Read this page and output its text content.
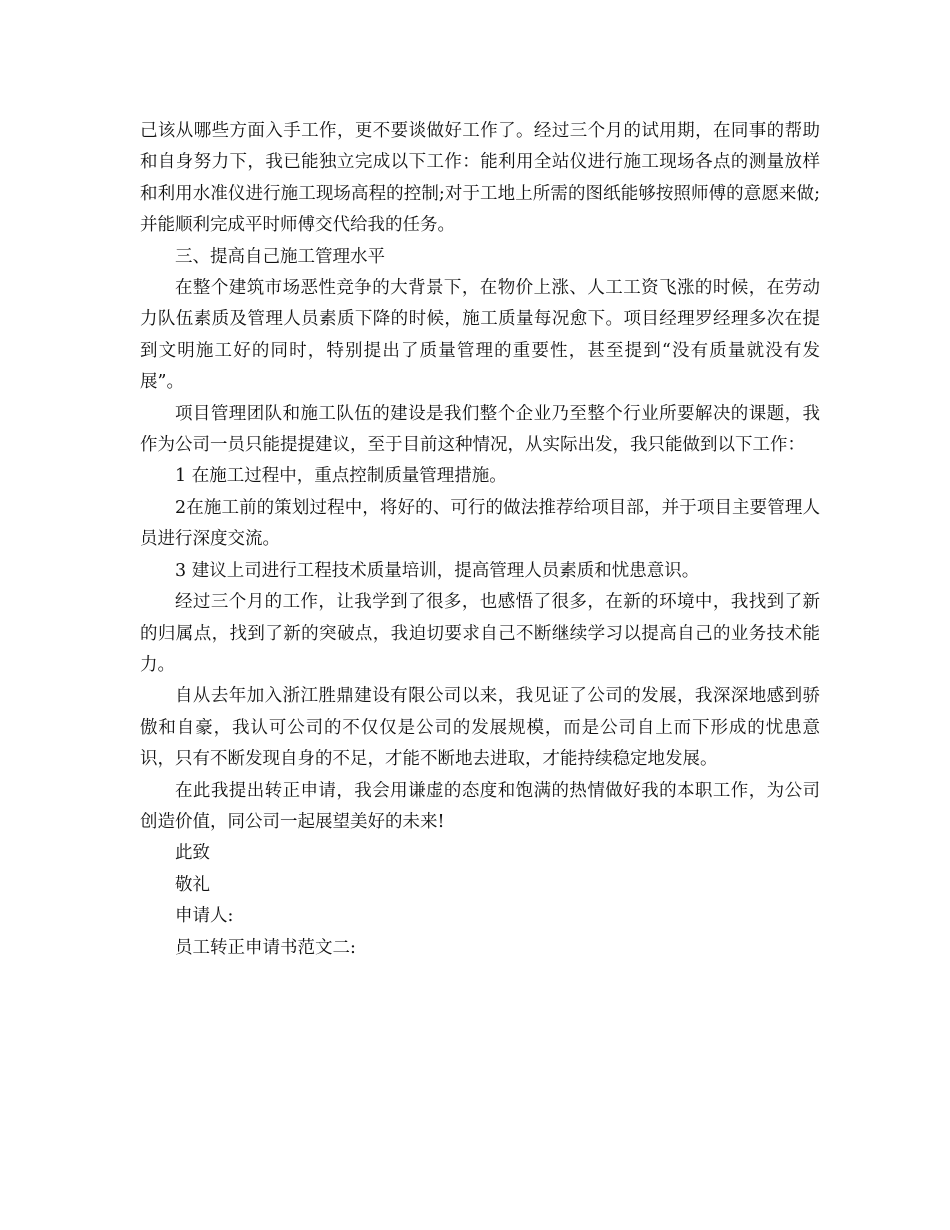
己该从哪些方面入手工作，更不要谈做好工作了。经过三个月的试用期，在同事的帮助和自身努力下，我已能独立完成以下工作：能利用全站仪进行施工现场各点的测量放样和利用水准仪进行施工现场高程的控制;对于工地上所需的图纸能够按照师傅的意愿来做;并能顺利完成平时师傅交代给我的任务。

三、提高自己施工管理水平

在整个建筑市场恶性竞争的大背景下，在物价上涨、人工工资飞涨的时候，在劳动力队伍素质及管理人员素质下降的时候，施工质量每况愈下。项目经理罗经理多次在提到文明施工好的同时，特别提出了质量管理的重要性，甚至提到“没有质量就没有发展”。

项目管理团队和施工队伍的建设是我们整个企业乃至整个行业所要解决的课题，我作为公司一员只能提提建议，至于目前这种情况，从实际出发，我只能做到以下工作：

1 在施工过程中，重点控制质量管理措施。

2在施工前的策划过程中，将好的、可行的做法推荐给项目部，并于项目主要管理人员进行深度交流。

3 建议上司进行工程技术质量培训，提高管理人员素质和忧患意识。

经过三个月的工作，让我学到了很多，也感悟了很多，在新的环境中，我找到了新的归属点，找到了新的突破点，我迫切要求自己不断继续学习以提高自己的业务技术能力。

自从去年加入浙江胜鼎建设有限公司以来，我见证了公司的发展，我深深地感到骄傲和自豪，我认可公司的不仅仅是公司的发展规模，而是公司自上而下形成的忧患意识，只有不断发现自身的不足，才能不断地去进取，才能持续稳定地发展。

在此我提出转正申请，我会用谦虚的态度和饱满的热情做好我的本职工作，为公司创造价值，同公司一起展望美好的未来!

此致

敬礼

申请人:

员工转正申请书范文二:
